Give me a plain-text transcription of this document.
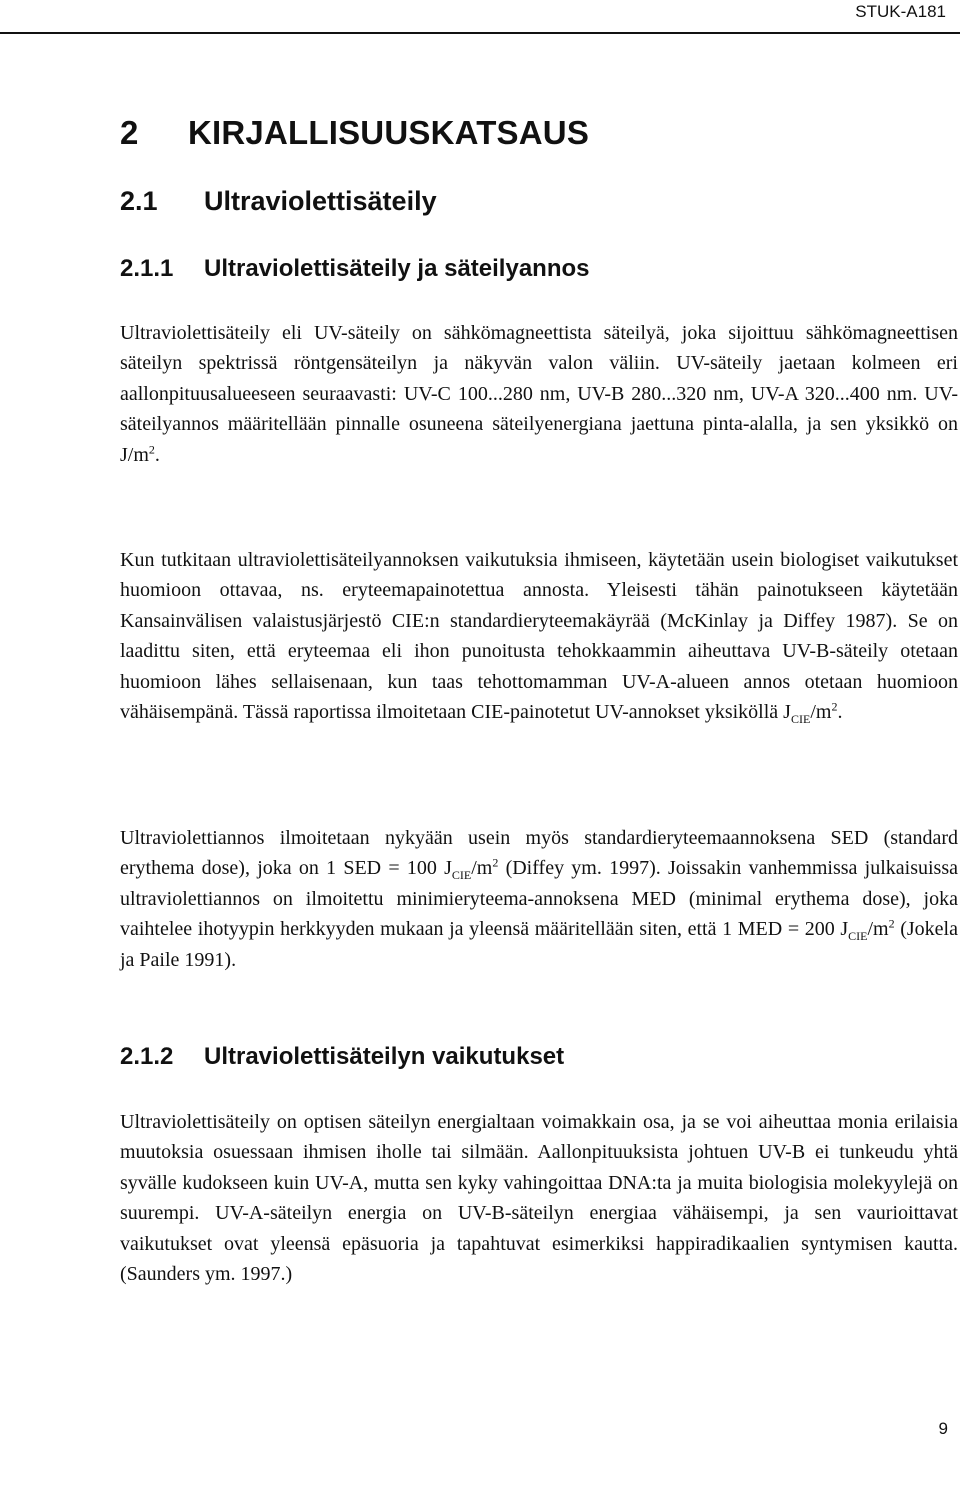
STUK-A181
2 KIRJALLISUUSKATSAUS
2.1 Ultraviolettisäteily
2.1.1 Ultraviolettisäteily ja säteilyannos

Ultraviolettisäteily eli UV-säteily on sähkömagneettista säteilyä, joka sijoittuu sähkömagneettisen säteilyn spektrissä röntgensäteilyn ja näkyvän valon väliin. UV-säteily jaetaan kolmeen eri aallonpituusalueeseen seuraavasti: UV-C 100...280 nm, UV-B 280...320 nm, UV-A 320...400 nm. UV-säteilyannos määritellään pinnalle osuneena säteilyenergiana jaettuna pinta-alalla, ja sen yksikkö on $J/m^2$.

Kun tutkitaan ultraviolettisäteilyannoksen vaikutuksia ihmiseen, käytetään usein biologiset vaikutukset huomioon ottavaa, ns. eryteemapainotettua annosta. Yleisesti tähän painotukseen käytetään Kansainvälisen valaistusjärjestö CIE:n standardieryteemakäyrää (McKinlay ja Diffey 1987). Se on laadittu siten, että eryteemaa eli ihon punoitusta tehokkaammin aiheuttava UV-B-säteily otetaan huomioon lähes sellaisenaan, kun taas tehottomamman UV-A-alueen annos otetaan huomioon vähäisempänä. Tässä raportissa ilmoitetaan CIE-painotetut UV-annokset yksiköllä $J_{CIE}/m^2$.

Ultraviolettiannos ilmoitetaan nykyään usein myös standardieryteemaannoksena SED (standard erythema dose), joka on 1 SED = 100 $J_{CIE}/m^2$ (Diffey ym. 1997). Joissakin vanhemmissa julkaisuissa ultraviolettiannos on ilmoitettu minimieryteema-annoksena MED (minimal erythema dose), joka vaihtelee ihotyypin herkkyyden mukaan ja yleensä määritellään siten, että 1 MED = 200 $J_{CIE}/m^2$ (Jokela ja Paile 1991).

2.1.2 Ultraviolettisäteilyn vaikutukset

Ultraviolettisäteily on optisen säteilyn energialtaan voimakkain osa, ja se voi aiheuttaa monia erilaisia muutoksia osuessaan ihmisen iholle tai silmään. Aallonpituuksista johtuen UV-B ei tunkeudu yhtä syvälle kudokseen kuin UV-A, mutta sen kyky vahingoittaa DNA:ta ja muita biologisia molekyylejä on suurempi. UV-A-säteilyn energia on UV-B-säteilyn energiaa vähäisempi, ja sen vaurioittavat vaikutukset ovat yleensä epäsuoria ja tapahtuvat esimerkiksi happiradikaalien syntymisen kautta. (Saunders ym. 1997.)

9
